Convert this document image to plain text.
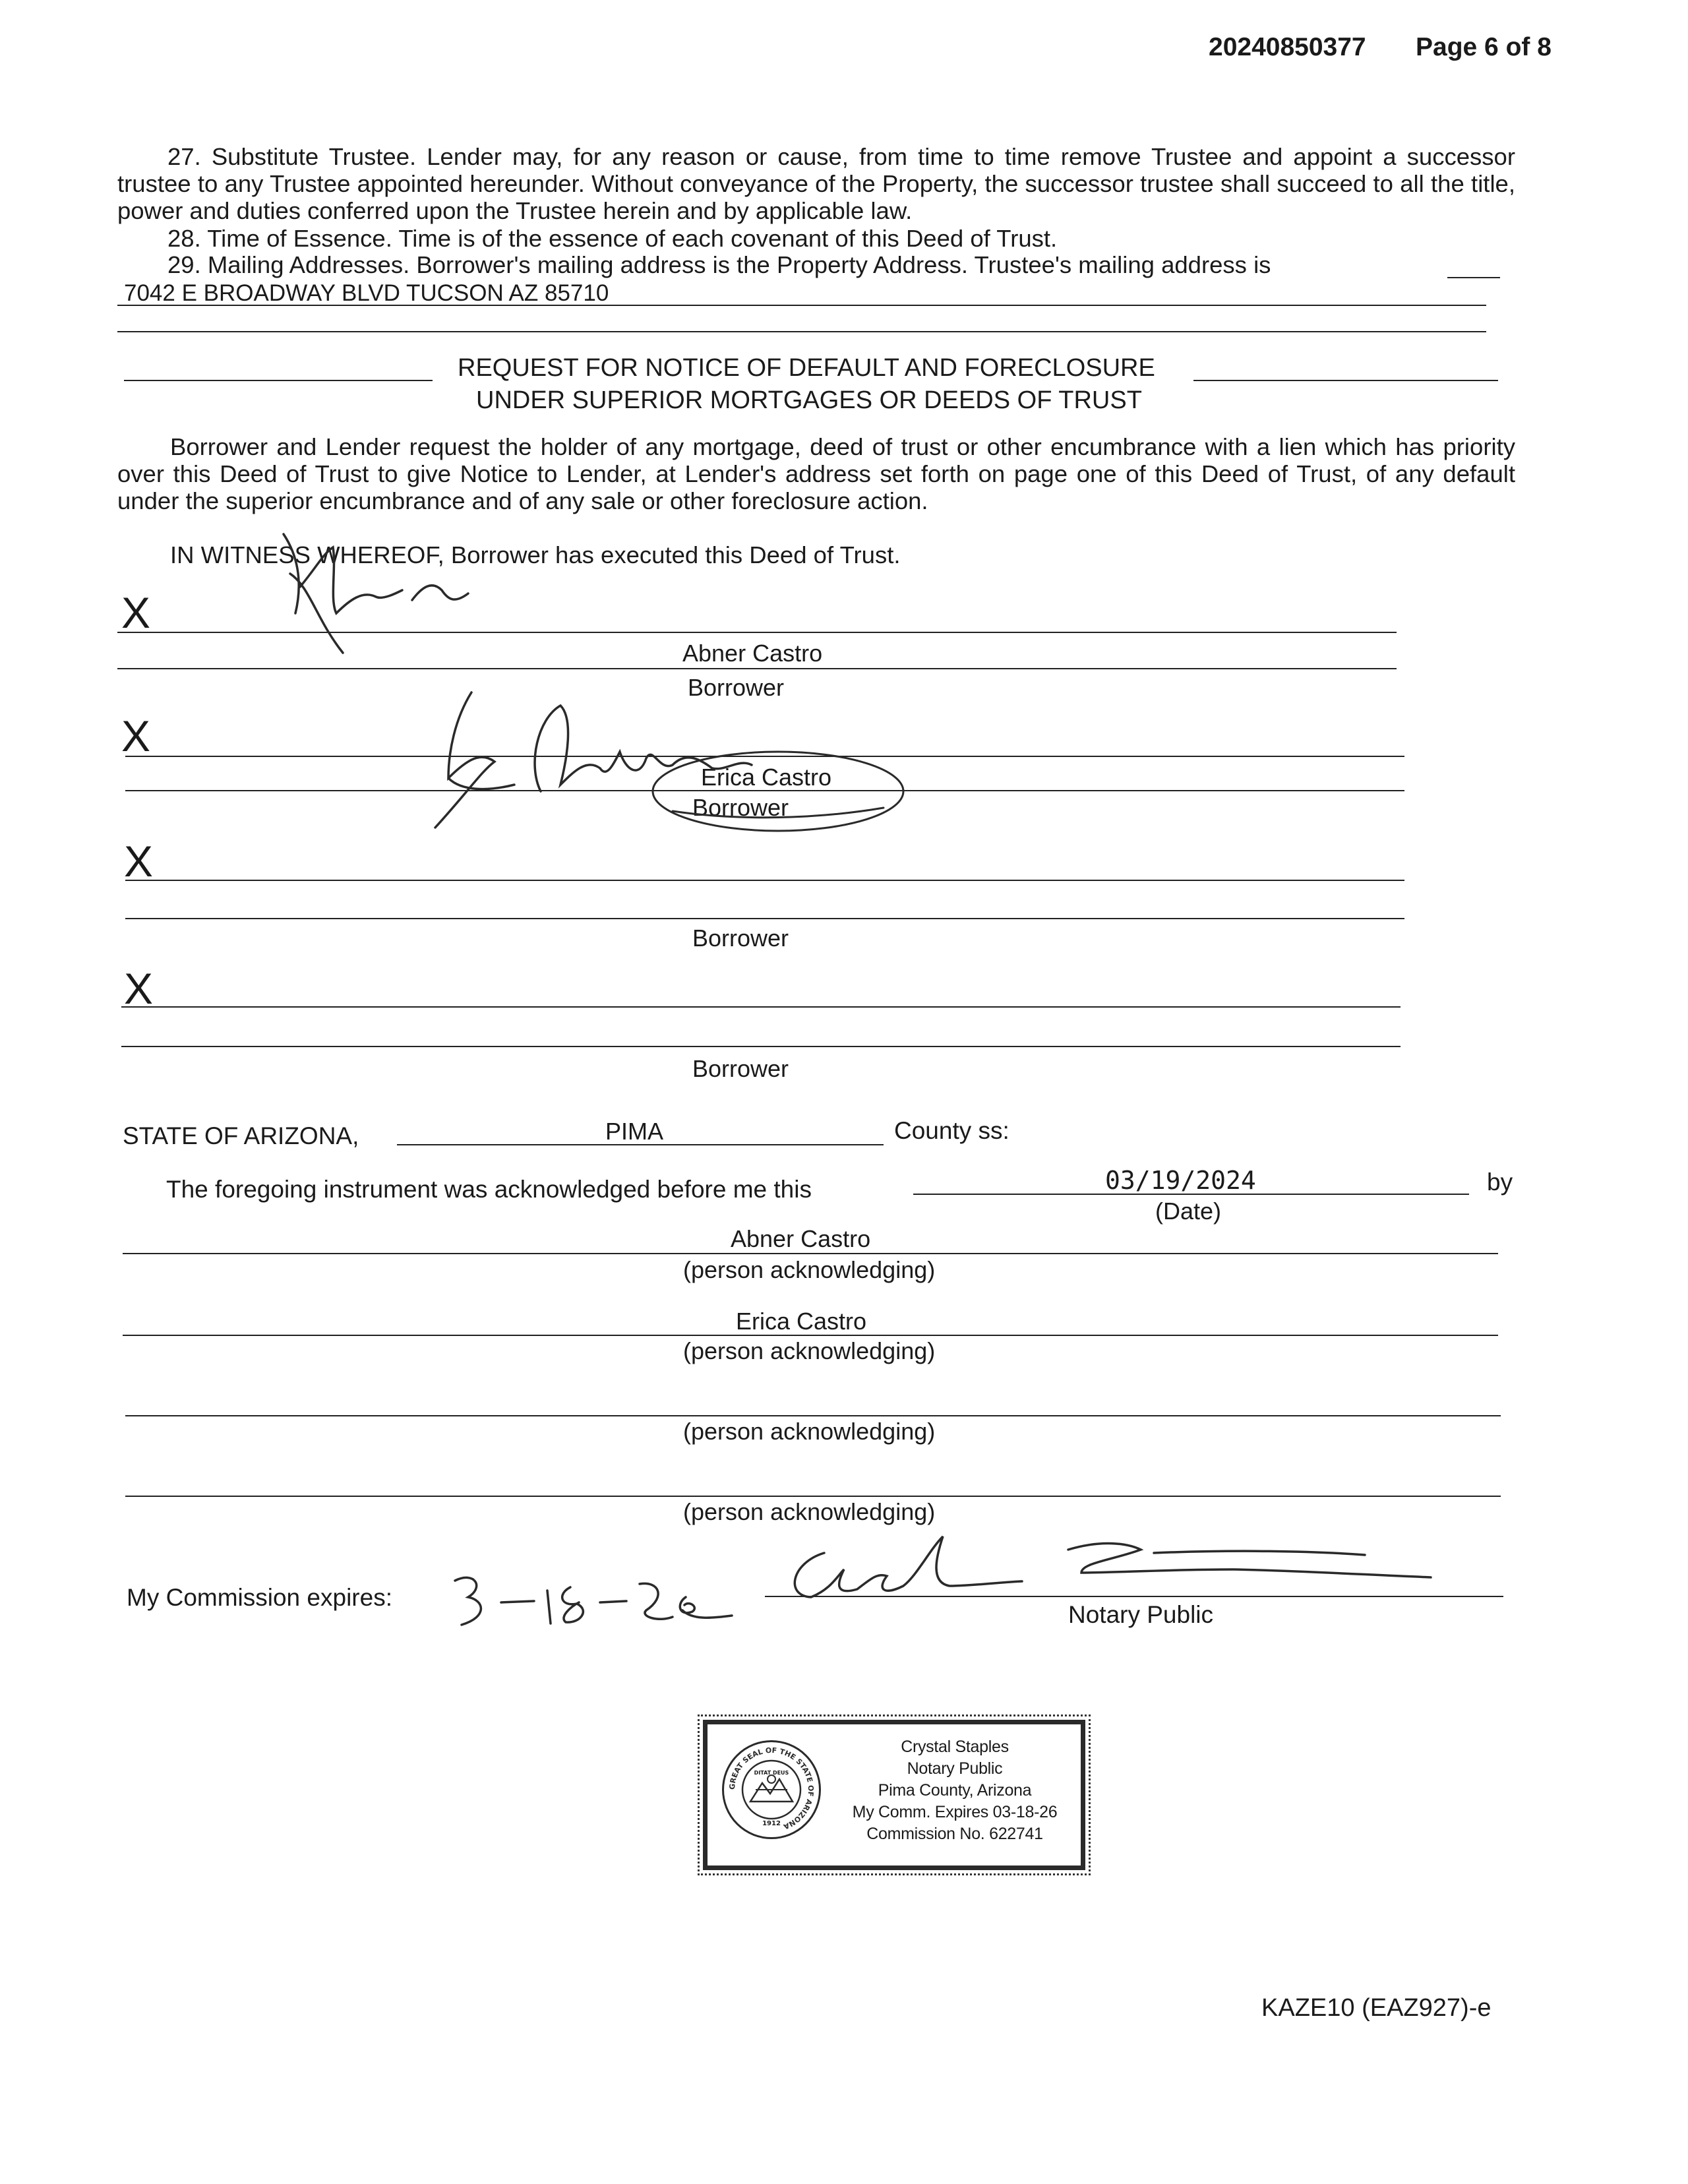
20240850377 Page 6 of 8

27. Substitute Trustee. Lender may, for any reason or cause, from time to time remove Trustee and appoint a successor trustee to any Trustee appointed hereunder. Without conveyance of the Property, the successor trustee shall succeed to all the title, power and duties conferred upon the Trustee herein and by applicable law.

28. Time of Essence. Time is of the essence of each covenant of this Deed of Trust.
29. Mailing Addresses. Borrower's mailing address is the Property Address. Trustee's mailing address is
7042 E BROADWAY BLVD TUCSON AZ 85710
REQUEST FOR NOTICE OF DEFAULT AND FORECLOSURE
UNDER SUPERIOR MORTGAGES OR DEEDS OF TRUST

Borrower and Lender request the holder of any mortgage, deed of trust or other encumbrance with a lien which has priority over this Deed of Trust to give Notice to Lender, at Lender's address set forth on page one of this Deed of Trust, of any default under the superior encumbrance and of any sale or other foreclosure action.

IN WITNESS WHEREOF, Borrower has executed this Deed of Trust.
X
Abner Castro
Borrower
X
Erica Castro
Borrower
X
Borrower
X
Borrower
STATE OF ARIZONA,	PIMA	County ss:
The foregoing instrument was acknowledged before me this	03/19/2024	by
(Date)
Abner Castro
(person acknowledging)
Erica Castro
(person acknowledging)
(person acknowledging)
(person acknowledging)
My Commission expires:
Notary Public
GREAT SEAL OF THE STATE OF ARIZONA
DITAT DEUS
1912
Crystal Staples
Notary Public
Pima County, Arizona
My Comm. Expires 03-18-26
Commission No. 622741
KAZE10 (EAZ927)-e
